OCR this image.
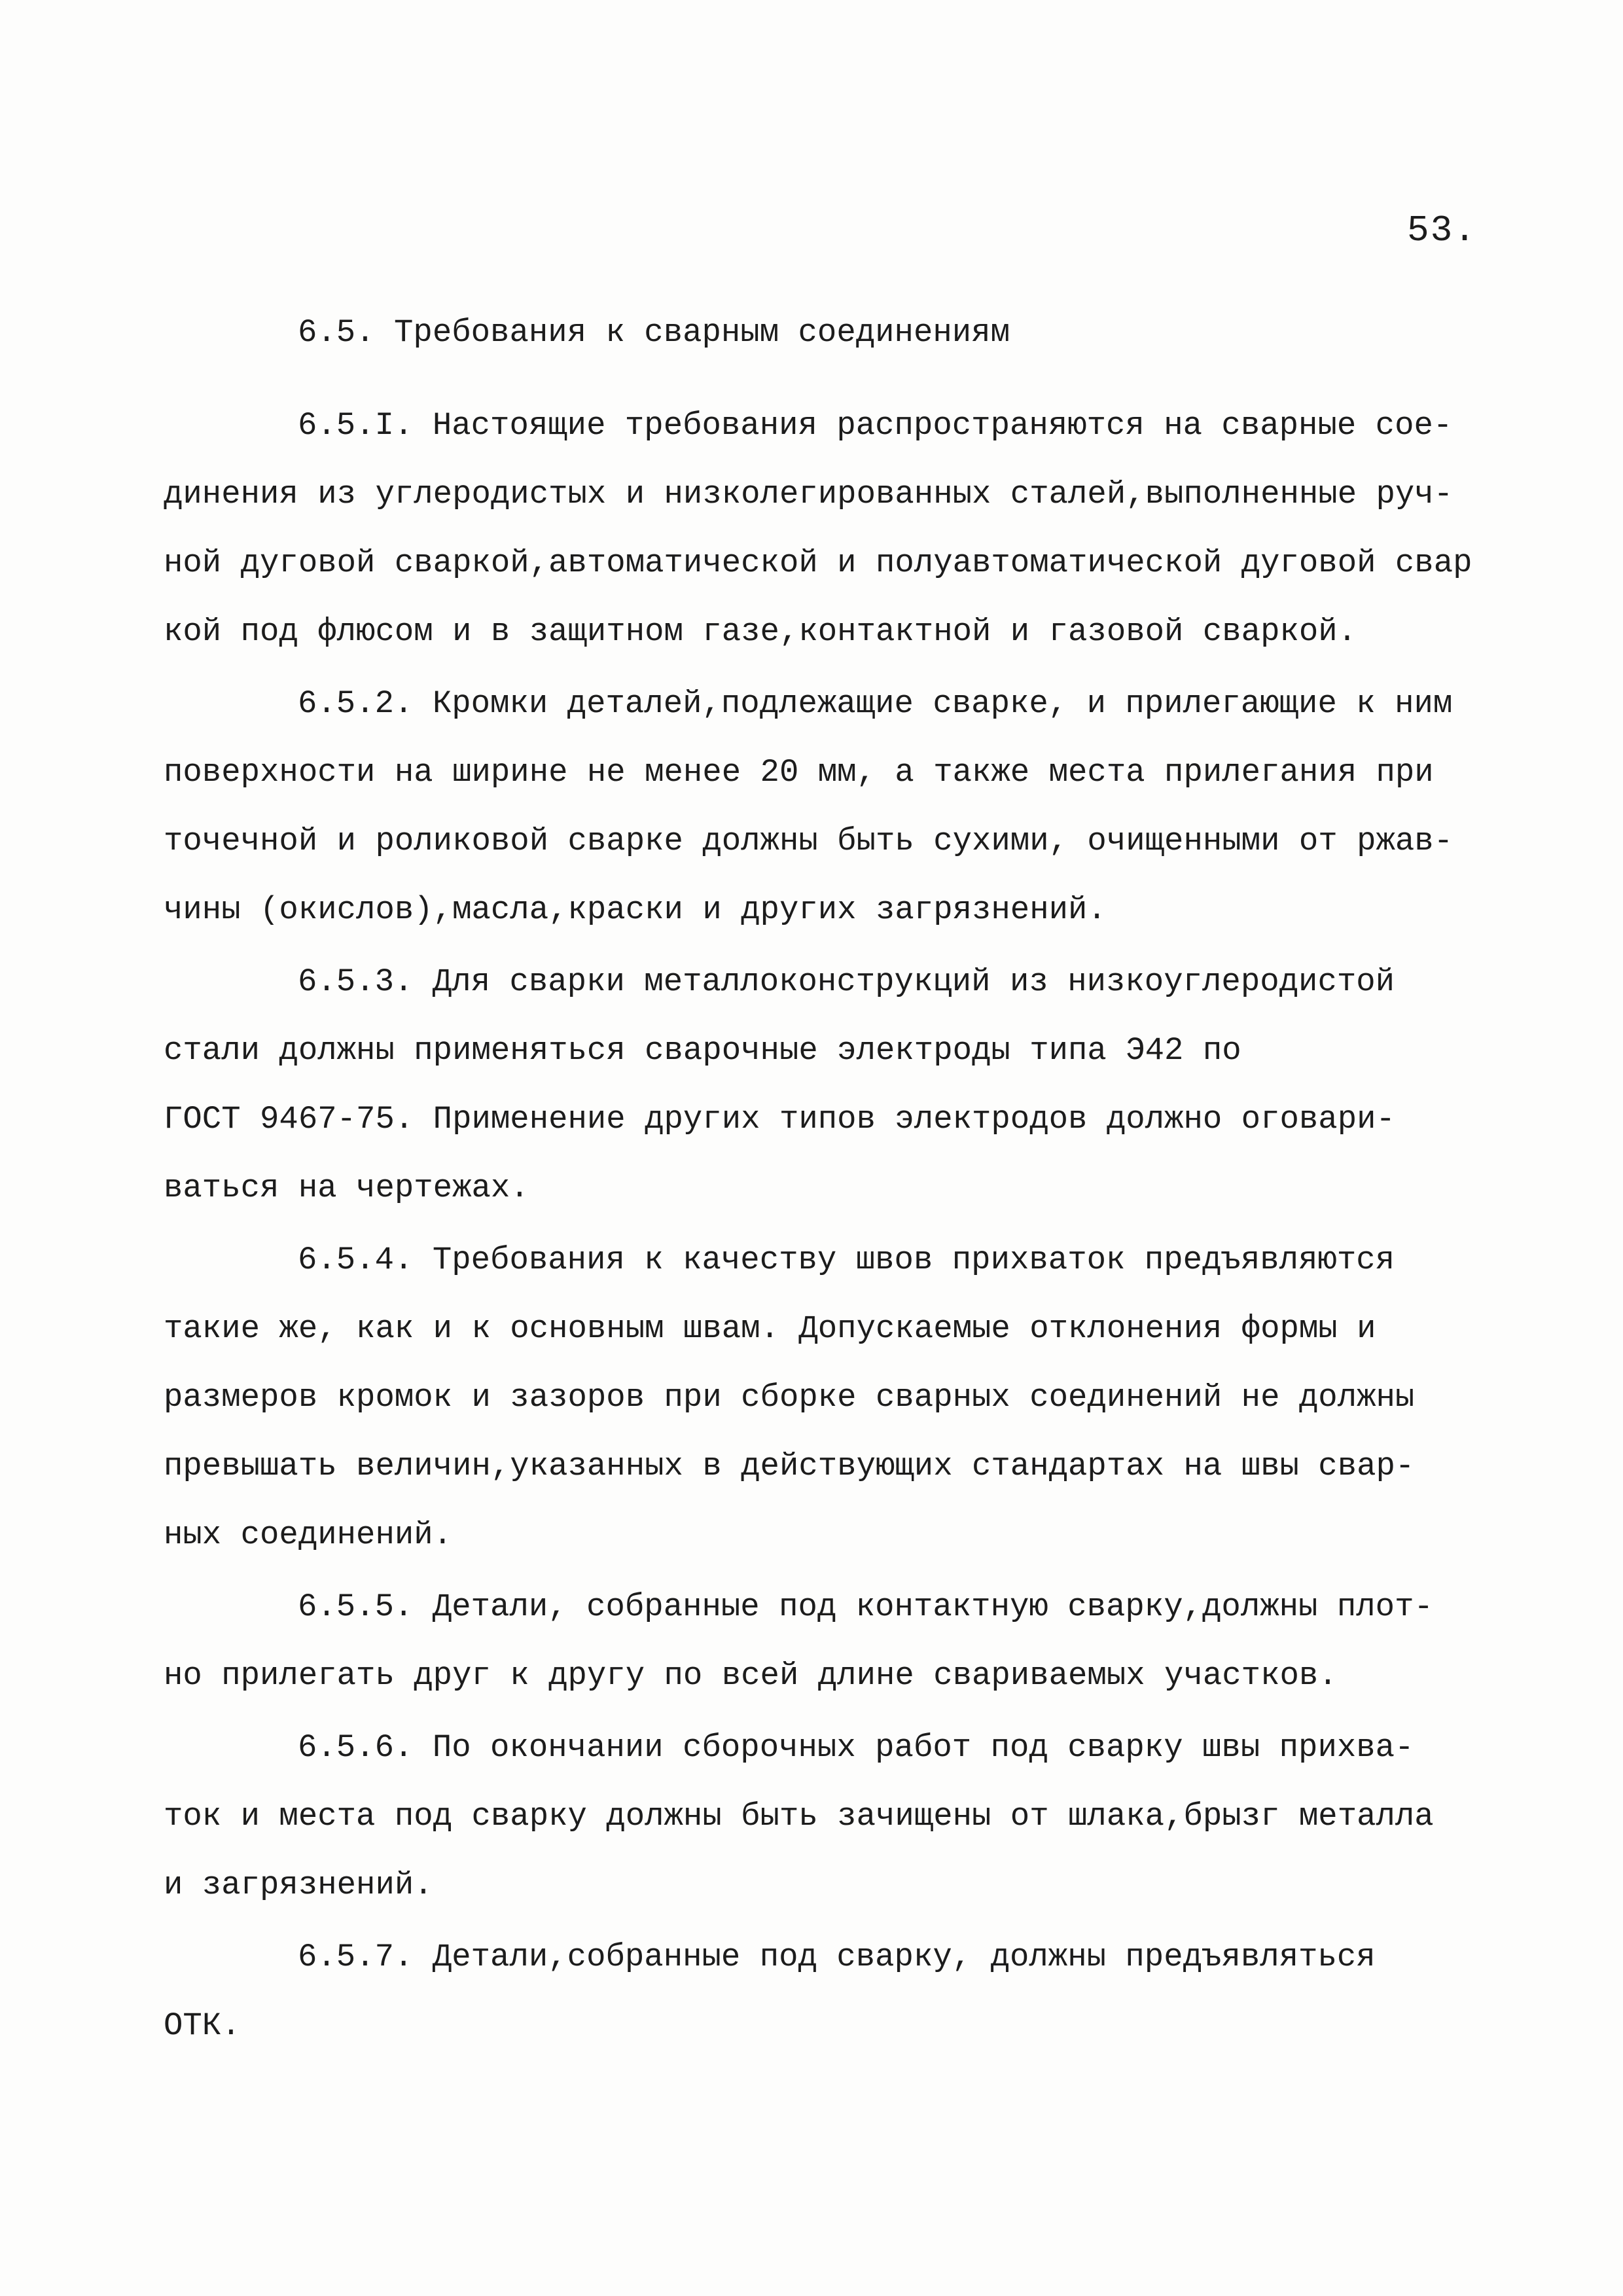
53.
6.5. Требования к сварным соединениям
6.5.I. Настоящие требования распространяются на сварные сое-
динения из углеродистых и низколегированных сталей,выполненные руч-
ной дуговой сваркой,автоматической и полуавтоматической дуговой свар
кой под флюсом и в защитном газе,контактной и газовой сваркой.
6.5.2. Кромки деталей,подлежащие сварке, и прилегающие к ним
поверхности на ширине не менее 20 мм, а также места прилегания при
точечной и роликовой сварке должны быть сухими, очищенными от ржав-
чины (окислов),масла,краски и других загрязнений.
6.5.3. Для сварки металлоконструкций из низкоуглеродистой
стали должны применяться сварочные электроды типа Э42 по
ГОСТ 9467-75. Применение других типов электродов должно оговари-
ваться на чертежах.
6.5.4. Требования к качеству швов прихваток предъявляются
такие же, как и к основным швам. Допускаемые отклонения формы и
размеров кромок и зазоров при сборке сварных соединений не должны
превышать величин,указанных в действующих стандартах на швы свар-
ных соединений.
6.5.5. Детали, собранные под контактную сварку,должны плот-
но прилегать друг к другу по всей длине свариваемых участков.
6.5.6. По окончании сборочных работ под сварку швы прихва-
ток и места под сварку должны быть зачищены от шлака,брызг металла
и загрязнений.
6.5.7. Детали,собранные под сварку, должны предъявляться
ОТК.
